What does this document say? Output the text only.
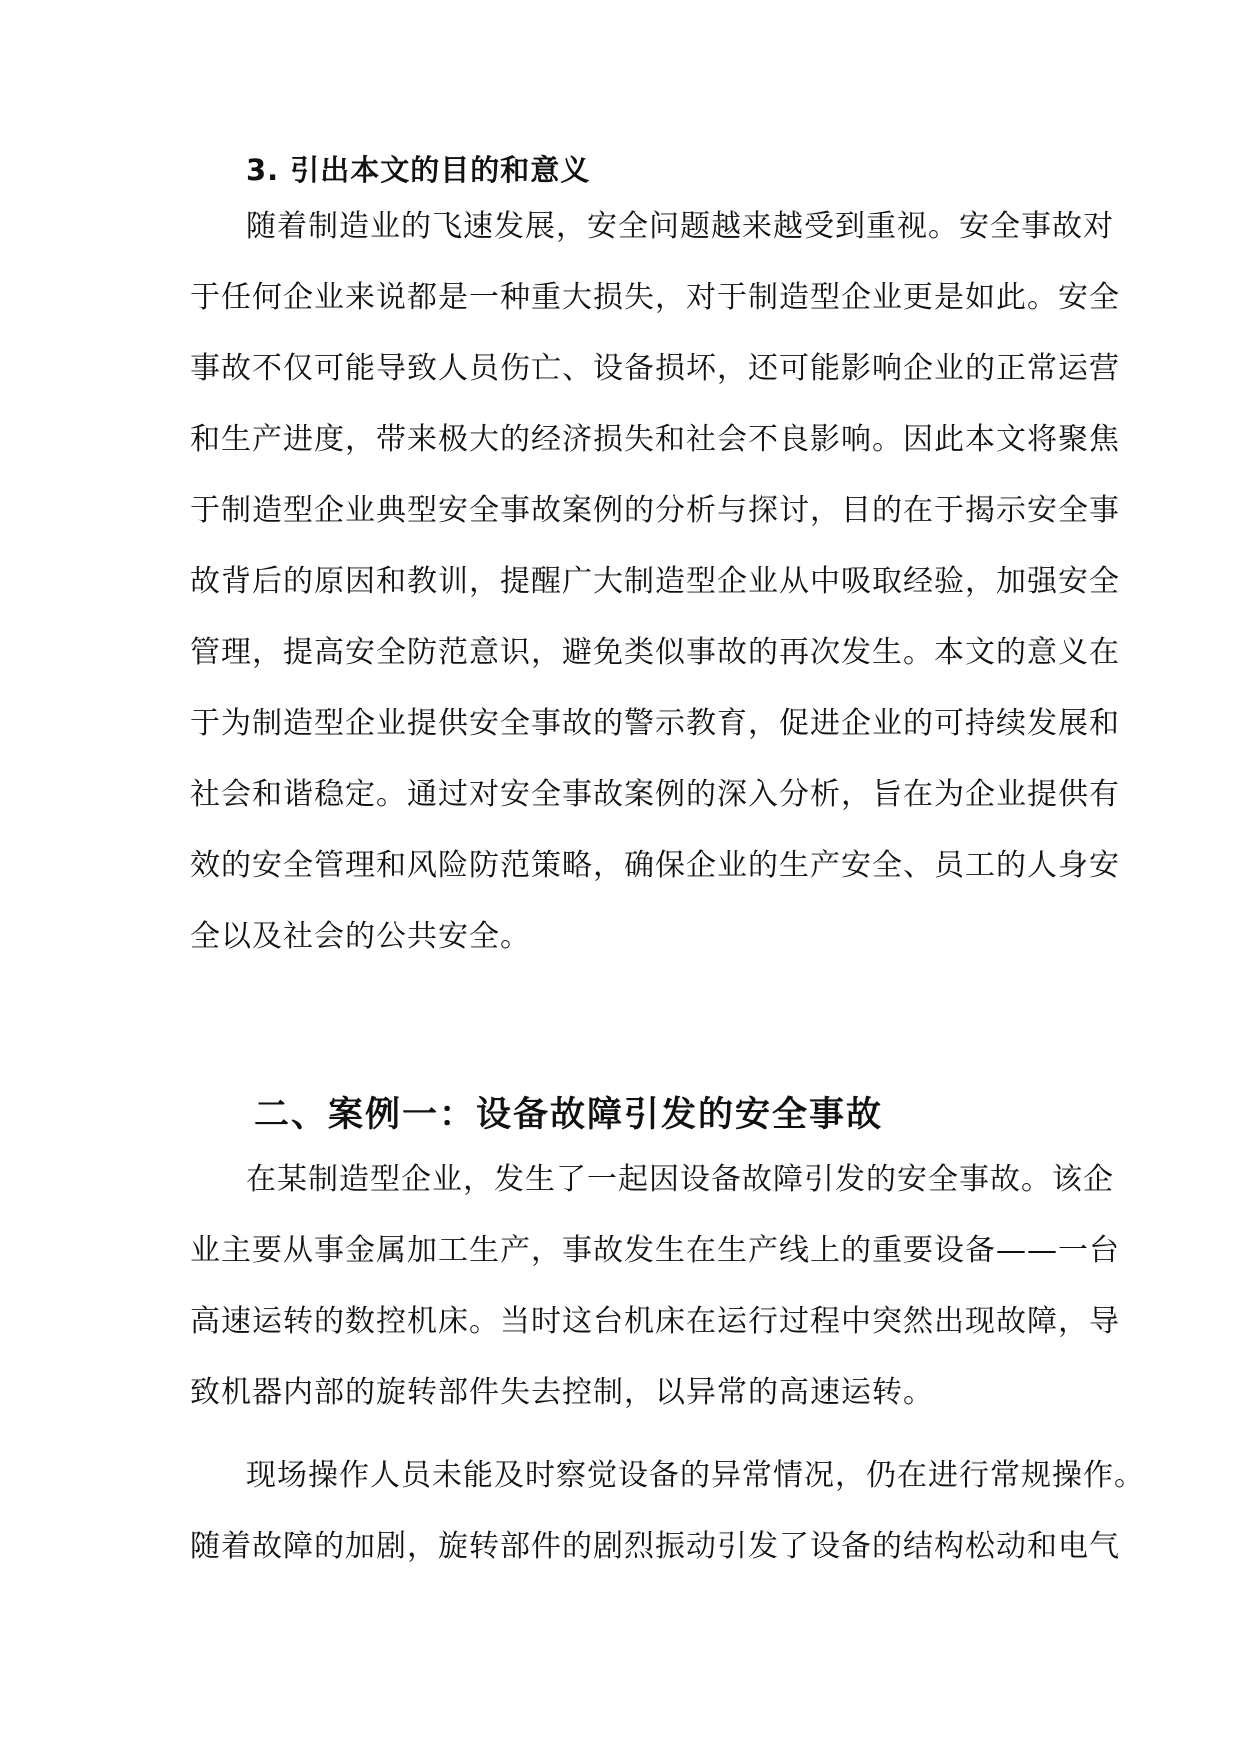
3. 引出本文的目的和意义
随着制造业的飞速发展，安全问题越来越受到重视。安全事故对
于任何企业来说都是一种重大损失，对于制造型企业更是如此。安全
事故不仅可能导致人员伤亡、设备损坏，还可能影响企业的正常运营
和生产进度，带来极大的经济损失和社会不良影响。因此本文将聚焦
于制造型企业典型安全事故案例的分析与探讨，目的在于揭示安全事
故背后的原因和教训，提醒广大制造型企业从中吸取经验，加强安全
管理，提高安全防范意识，避免类似事故的再次发生。本文的意义在
于为制造型企业提供安全事故的警示教育，促进企业的可持续发展和
社会和谐稳定。通过对安全事故案例的深入分析，旨在为企业提供有
效的安全管理和风险防范策略，确保企业的生产安全、员工的人身安
全以及社会的公共安全。
二、案例一：设备故障引发的安全事故
在某制造型企业，发生了一起因设备故障引发的安全事故。该企
业主要从事金属加工生产，事故发生在生产线上的重要设备——一台
高速运转的数控机床。当时这台机床在运行过程中突然出现故障，导
致机器内部的旋转部件失去控制，以异常的高速运转。
现场操作人员未能及时察觉设备的异常情况，仍在进行常规操作。
随着故障的加剧，旋转部件的剧烈振动引发了设备的结构松动和电气
